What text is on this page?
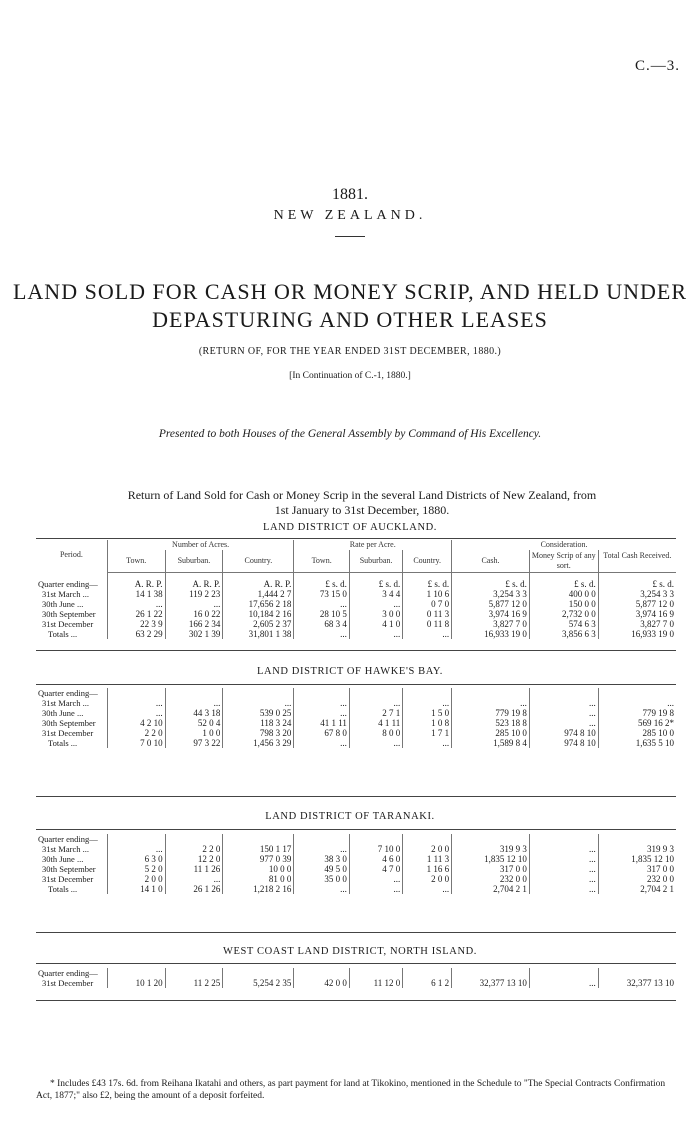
C.—3.
1881.
NEW ZEALAND.
LAND SOLD FOR CASH OR MONEY SCRIP, AND HELD UNDER
DEPASTURING AND OTHER LEASES
(RETURN OF, FOR THE YEAR ENDED 31ST DECEMBER, 1880.)
[In Continuation of C.-1, 1880.]
Presented to both Houses of the General Assembly by Command of His Excellency.
Return of Land Sold for Cash or Money Scrip in the several Land Districts of New Zealand, from
1st January to 31st December, 1880.
LAND DISTRICT OF AUCKLAND.
Period.	Number of Acres.			Rate per Acre.			Consideration.		
	Town.	Suburban.	Country.	Town.	Suburban.	Country.	Cash.	Money Scrip of any sort.	Total Cash Received.
Quarter ending—	A. R. P.	A. R. P.	A. R. P.	£ s. d.	£ s. d.	£ s. d.	£ s. d.	£ s. d.	£ s. d.
31st March ...	14 1 38	119 2 23	1,444 2 7	73 15 0	3 4 4	1 10 6	3,254 3 3	400 0 0	3,254 3 3
30th June ...	...	...	17,656 2 18	...	...	0 7 0	5,877 12 0	150 0 0	5,877 12 0
30th September	26 1 22	16 0 22	10,184 2 16	28 10 5	3 0 0	0 11 3	3,974 16 9	2,732 0 0	3,974 16 9
31st December	22 3 9	166 2 34	2,605 2 37	68 3 4	4 1 0	0 11 8	3,827 7 0	574 6 3	3,827 7 0
Totals ...	63 2 29	302 1 39	31,801 1 38	...	...	...	16,933 19 0	3,856 6 3	16,933 19 0
LAND DISTRICT OF HAWKE'S BAY.
Quarter ending—									
31st March ...	...	...	...	...	...	...	...	...	...
30th June ...	...	44 3 18	539 0 25	...	2 7 1	1 5 0	779 19 8	...	779 19 8
30th September	4 2 10	52 0 4	118 3 24	41 1 11	4 1 11	1 0 8	523 18 8	...	569 16 2*
31st December	2 2 0	1 0 0	798 3 20	67 8 0	8 0 0	1 7 1	285 10 0	974 8 10	285 10 0
Totals ...	7 0 10	97 3 22	1,456 3 29	...	...	...	1,589 8 4	974 8 10	1,635 5 10
LAND DISTRICT OF TARANAKI.
Quarter ending—									
31st March ...	...	2 2 0	150 1 17	...	7 10 0	2 0 0	319 9 3	...	319 9 3
30th June ...	6 3 0	12 2 0	977 0 39	38 3 0	4 6 0	1 11 3	1,835 12 10	...	1,835 12 10
30th September	5 2 0	11 1 26	10 0 0	49 5 0	4 7 0	1 16 6	317 0 0	...	317 0 0
31st December	2 0 0	...	81 0 0	35 0 0	...	2 0 0	232 0 0	...	232 0 0
Totals ...	14 1 0	26 1 26	1,218 2 16	...	...	...	2,704 2 1	...	2,704 2 1
WEST COAST LAND DISTRICT, NORTH ISLAND.
Quarter ending—									
31st December	10 1 20	11 2 25	5,254 2 35	42 0 0	11 12 0	6 1 2	32,377 13 10	...	32,377 13 10
* Includes £43 17s. 6d. from Reihana Ikatahi and others, as part payment for land at Tikokino, mentioned in the Schedule to "The Special Contracts Confirmation Act, 1877;" also £2, being the amount of a deposit forfeited.
